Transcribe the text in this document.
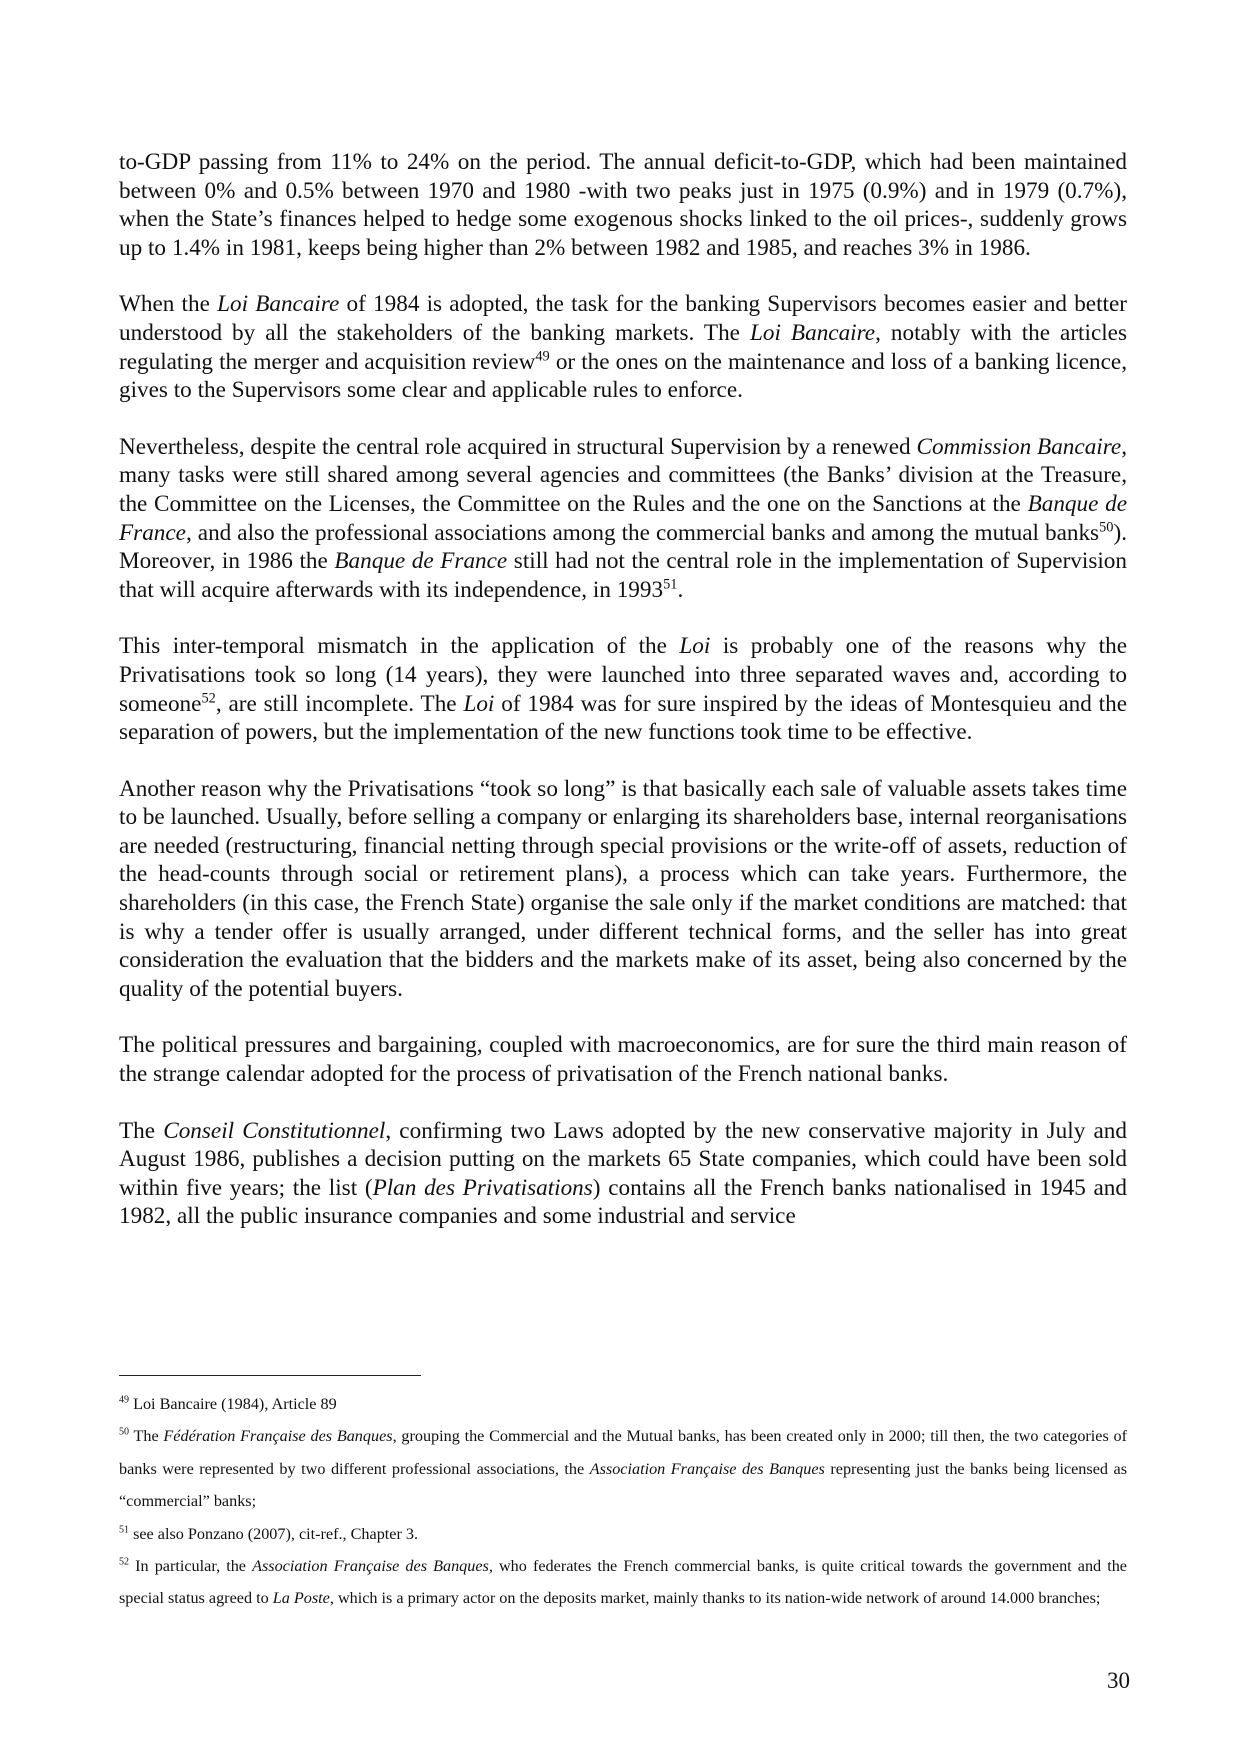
to-GDP passing from 11% to 24% on the period. The annual deficit-to-GDP, which had been maintained between 0% and 0.5% between 1970 and 1980 -with two peaks just in 1975 (0.9%) and in 1979 (0.7%), when the State’s finances helped to hedge some exogenous shocks linked to the oil prices-, suddenly grows up to 1.4% in 1981, keeps being higher than 2% between 1982 and 1985, and reaches 3% in 1986.

When the Loi Bancaire of 1984 is adopted, the task for the banking Supervisors becomes easier and better understood by all the stakeholders of the banking markets. The Loi Bancaire, notably with the articles regulating the merger and acquisition review$^{49}$ or the ones on the maintenance and loss of a banking licence, gives to the Supervisors some clear and applicable rules to enforce.

Nevertheless, despite the central role acquired in structural Supervision by a renewed Commission Bancaire, many tasks were still shared among several agencies and committees (the Banks’ division at the Treasure, the Committee on the Licenses, the Committee on the Rules and the one on the Sanctions at the Banque de France, and also the professional associations among the commercial banks and among the mutual banks$^{50}$). Moreover, in 1986 the Banque de France still had not the central role in the implementation of Supervision that will acquire afterwards with its independence, in 1993$^{51}$.

This inter-temporal mismatch in the application of the Loi is probably one of the reasons why the Privatisations took so long (14 years), they were launched into three separated waves and, according to someone$^{52}$, are still incomplete. The Loi of 1984 was for sure inspired by the ideas of Montesquieu and the separation of powers, but the implementation of the new functions took time to be effective.

Another reason why the Privatisations “took so long” is that basically each sale of valuable assets takes time to be launched. Usually, before selling a company or enlarging its shareholders base, internal reorganisations are needed (restructuring, financial netting through special provisions or the write-off of assets, reduction of the head-counts through social or retirement plans), a process which can take years. Furthermore, the shareholders (in this case, the French State) organise the sale only if the market conditions are matched: that is why a tender offer is usually arranged, under different technical forms, and the seller has into great consideration the evaluation that the bidders and the markets make of its asset, being also concerned by the quality of the potential buyers.

The political pressures and bargaining, coupled with macroeconomics, are for sure the third main reason of the strange calendar adopted for the process of privatisation of the French national banks.

The Conseil Constitutionnel, confirming two Laws adopted by the new conservative majority in July and August 1986, publishes a decision putting on the markets 65 State companies, which could have been sold within five years; the list (Plan des Privatisations) contains all the French banks nationalised in 1945 and 1982, all the public insurance companies and some industrial and service

$^{49}$ Loi Bancaire (1984), Article 89

$^{50}$ The Fédération Française des Banques, grouping the Commercial and the Mutual banks, has been created only in 2000; till then, the two categories of banks were represented by two different professional associations, the Association Française des Banques representing just the banks being licensed as “commercial” banks;

$^{51}$ see also Ponzano (2007), cit-ref., Chapter 3.

$^{52}$ In particular, the Association Française des Banques, who federates the French commercial banks, is quite critical towards the government and the special status agreed to La Poste, which is a primary actor on the deposits market, mainly thanks to its nation-wide network of around 14.000 branches;

30
